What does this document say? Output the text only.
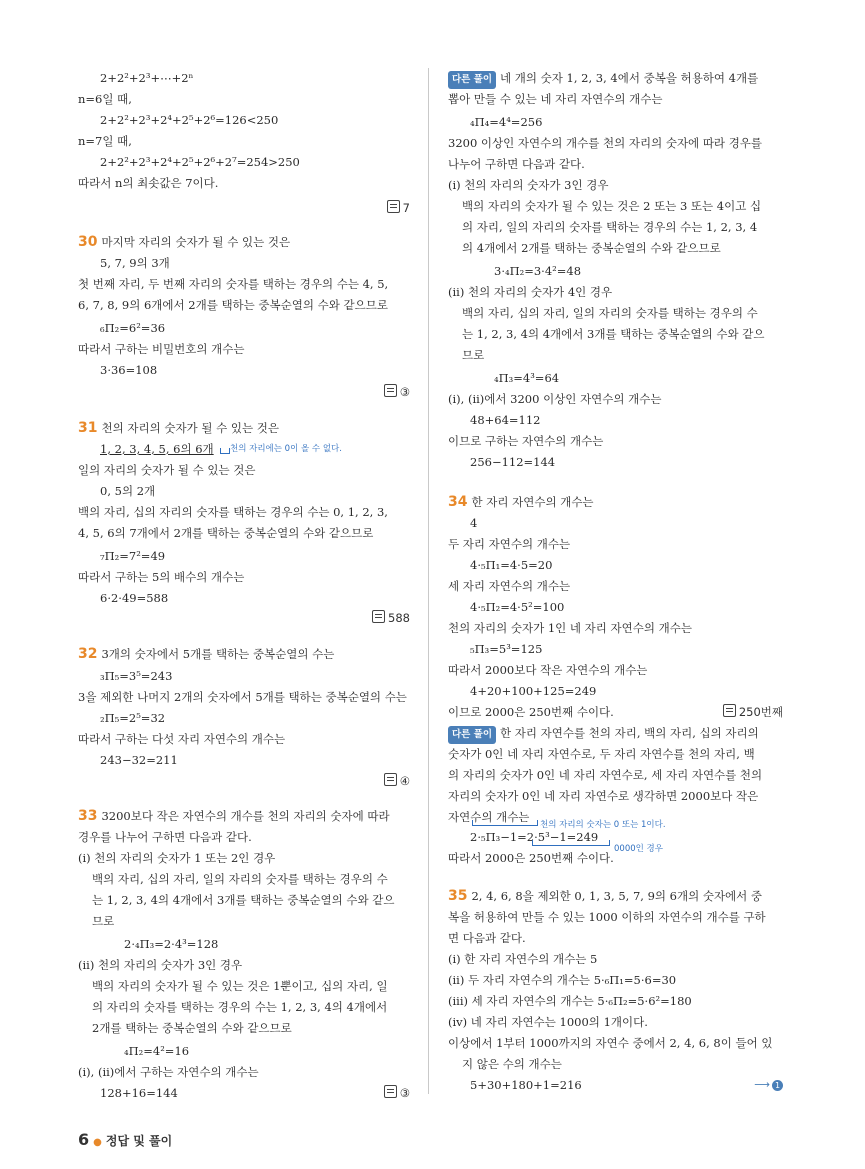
2+2²+2³+⋯+2ⁿ
n=6일 때,
2+2²+2³+2⁴+2⁵+2⁶=126<250
n=7일 때,
2+2²+2³+2⁴+2⁵+2⁶+2⁷=254>250
따라서 n의 최솟값은 7이다.
7
30 마지막 자리의 숫자가 될 수 있는 것은
5, 7, 9의 3개
첫 번째 자리, 두 번째 자리의 숫자를 택하는 경우의 수는 4, 5,
6, 7, 8, 9의 6개에서 2개를 택하는 중복순열의 수와 같으므로
₆Π₂=6²=36
따라서 구하는 비밀번호의 개수는
3·36=108
③
31 천의 자리의 숫자가 될 수 있는 것은
1, 2, 3, 4, 5, 6의 6개 천의 자리에는 0이 올 수 없다.
일의 자리의 숫자가 될 수 있는 것은
0, 5의 2개
백의 자리, 십의 자리의 숫자를 택하는 경우의 수는 0, 1, 2, 3,
4, 5, 6의 7개에서 2개를 택하는 중복순열의 수와 같으므로
₇Π₂=7²=49
따라서 구하는 5의 배수의 개수는
6·2·49=588
588
32 3개의 숫자에서 5개를 택하는 중복순열의 수는
₃Π₅=3⁵=243
3을 제외한 나머지 2개의 숫자에서 5개를 택하는 중복순열의 수는
₂Π₅=2⁵=32
따라서 구하는 다섯 자리 자연수의 개수는
243−32=211
④
33 3200보다 작은 자연수의 개수를 천의 자리의 숫자에 따라
경우를 나누어 구하면 다음과 같다.
(i) 천의 자리의 숫자가 1 또는 2인 경우
백의 자리, 십의 자리, 일의 자리의 숫자를 택하는 경우의 수
는 1, 2, 3, 4의 4개에서 3개를 택하는 중복순열의 수와 같으
므로
2·₄Π₃=2·4³=128
(ii) 천의 자리의 숫자가 3인 경우
백의 자리의 숫자가 될 수 있는 것은 1뿐이고, 십의 자리, 일
의 자리의 숫자를 택하는 경우의 수는 1, 2, 3, 4의 4개에서
2개를 택하는 중복순열의 수와 같으므로
₄Π₂=4²=16
(i), (ii)에서 구하는 자연수의 개수는
128+16=144	③
다른 풀이 네 개의 숫자 1, 2, 3, 4에서 중복을 허용하여 4개를
뽑아 만들 수 있는 네 자리 자연수의 개수는
₄Π₄=4⁴=256
3200 이상인 자연수의 개수를 천의 자리의 숫자에 따라 경우를
나누어 구하면 다음과 같다.
(i) 천의 자리의 숫자가 3인 경우
백의 자리의 숫자가 될 수 있는 것은 2 또는 3 또는 4이고 십
의 자리, 일의 자리의 숫자를 택하는 경우의 수는 1, 2, 3, 4
의 4개에서 2개를 택하는 중복순열의 수와 같으므로
3·₄Π₂=3·4²=48
(ii) 천의 자리의 숫자가 4인 경우
백의 자리, 십의 자리, 일의 자리의 숫자를 택하는 경우의 수
는 1, 2, 3, 4의 4개에서 3개를 택하는 중복순열의 수와 같으
므로
₄Π₃=4³=64
(i), (ii)에서 3200 이상인 자연수의 개수는
48+64=112
이므로 구하는 자연수의 개수는
256−112=144
34 한 자리 자연수의 개수는
4
두 자리 자연수의 개수는
4·₅Π₁=4·5=20
세 자리 자연수의 개수는
4·₅Π₂=4·5²=100
천의 자리의 숫자가 1인 네 자리 자연수의 개수는
₅Π₃=5³=125
따라서 2000보다 작은 자연수의 개수는
4+20+100+125=249
이므로 2000은 250번째 수이다.	250번째
다른 풀이 한 자리 자연수를 천의 자리, 백의 자리, 십의 자리의
숫자가 0인 네 자리 자연수로, 두 자리 자연수를 천의 자리, 백
의 자리의 숫자가 0인 네 자리 자연수로, 세 자리 자연수를 천의
자리의 숫자가 0인 네 자리 자연수로 생각하면 2000보다 작은
자연수의 개수는
천의 자리의 숫자는 0 또는 1이다.
2·₅Π₃−1=2·5³−1=249
0000인 경우
따라서 2000은 250번째 수이다.
35 2, 4, 6, 8을 제외한 0, 1, 3, 5, 7, 9의 6개의 숫자에서 중
복을 허용하여 만들 수 있는 1000 이하의 자연수의 개수를 구하
면 다음과 같다.
(i) 한 자리 자연수의 개수는 5
(ii) 두 자리 자연수의 개수는 5·₆Π₁=5·6=30
(iii) 세 자리 자연수의 개수는 5·₆Π₂=5·6²=180
(iv) 네 자리 자연수는 1000의 1개이다.
이상에서 1부터 1000까지의 자연수 중에서 2, 4, 6, 8이 들어 있
지 않은 수의 개수는
5+30+180+1=216	⟶ 1
6 ● 정답 및 풀이
